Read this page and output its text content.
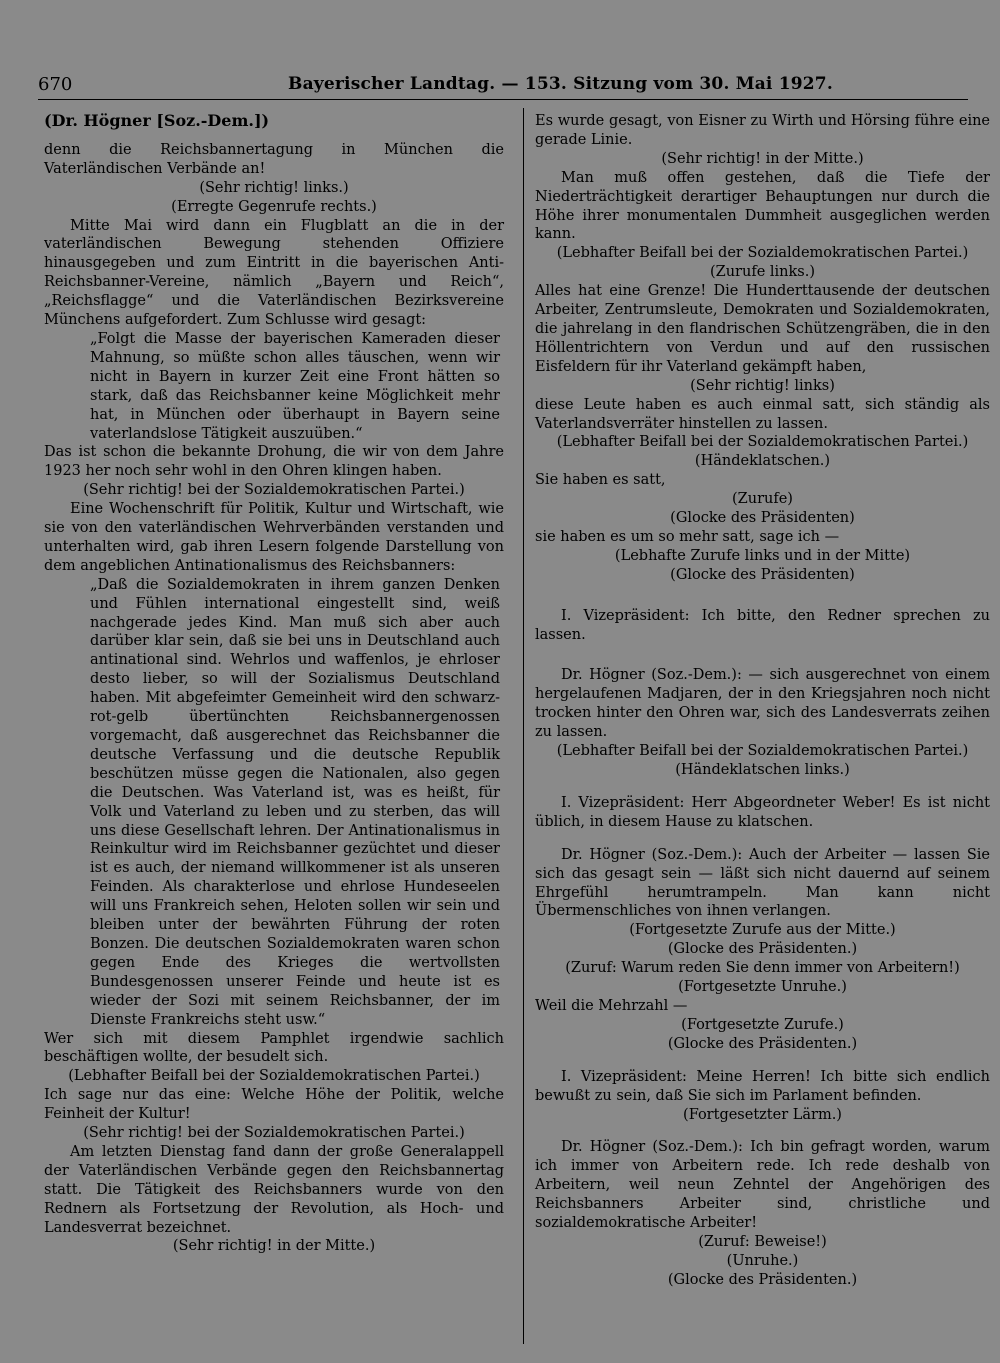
670	Bayerischer Landtag. — 153. Sitzung vom 30. Mai 1927.

(Dr. Högner [Soz.-Dem.])

denn die Reichsbannertagung in München die Vaterländischen Verbände an!

(Sehr richtig! links.)

(Erregte Gegenrufe rechts.)

Mitte Mai wird dann ein Flugblatt an die in der vaterländischen Bewegung stehenden Offiziere hinausgegeben und zum Eintritt in die bayerischen Anti-Reichsbanner-Vereine, nämlich „Bayern und Reich“, „Reichsflagge“ und die Vaterländischen Bezirksvereine Münchens aufgefordert. Zum Schlusse wird gesagt:

„Folgt die Masse der bayerischen Kameraden dieser Mahnung, so müßte schon alles täuschen, wenn wir nicht in Bayern in kurzer Zeit eine Front hätten so stark, daß das Reichsbanner keine Möglichkeit mehr hat, in München oder überhaupt in Bayern seine vaterlandslose Tätigkeit auszuüben.“

Das ist schon die bekannte Drohung, die wir von dem Jahre 1923 her noch sehr wohl in den Ohren klingen haben.

(Sehr richtig! bei der Sozialdemokratischen Partei.)

Eine Wochenschrift für Politik, Kultur und Wirtschaft, wie sie von den vaterländischen Wehrverbänden verstanden und unterhalten wird, gab ihren Lesern folgende Darstellung von dem angeblichen Antinationalismus des Reichsbanners:

„Daß die Sozialdemokraten in ihrem ganzen Denken und Fühlen international eingestellt sind, weiß nachgerade jedes Kind. Man muß sich aber auch darüber klar sein, daß sie bei uns in Deutschland auch antinational sind. Wehrlos und waffenlos, je ehrloser desto lieber, so will der Sozialismus Deutschland haben. Mit abgefeimter Gemeinheit wird den schwarz-rot-gelb übertünchten Reichsbannergenossen vorgemacht, daß ausgerechnet das Reichsbanner die deutsche Verfassung und die deutsche Republik beschützen müsse gegen die Nationalen, also gegen die Deutschen. Was Vaterland ist, was es heißt, für Volk und Vaterland zu leben und zu sterben, das will uns diese Gesellschaft lehren. Der Antinationalismus in Reinkultur wird im Reichsbanner gezüchtet und dieser ist es auch, der niemand willkommener ist als unseren Feinden. Als charakterlose und ehrlose Hundeseelen will uns Frankreich sehen, Heloten sollen wir sein und bleiben unter der bewährten Führung der roten Bonzen. Die deutschen Sozialdemokraten waren schon gegen Ende des Krieges die wertvollsten Bundesgenossen unserer Feinde und heute ist es wieder der Sozi mit seinem Reichsbanner, der im Dienste Frankreichs steht usw.“

Wer sich mit diesem Pamphlet irgendwie sachlich beschäftigen wollte, der besudelt sich.

(Lebhafter Beifall bei der Sozialdemokratischen Partei.)

Ich sage nur das eine: Welche Höhe der Politik, welche Feinheit der Kultur!

(Sehr richtig! bei der Sozialdemokratischen Partei.)

Am letzten Dienstag fand dann der große Generalappell der Vaterländischen Verbände gegen den Reichsbannertag statt. Die Tätigkeit des Reichsbanners wurde von den Rednern als Fortsetzung der Revolution, als Hoch- und Landesverrat bezeichnet.

(Sehr richtig! in der Mitte.)

Es wurde gesagt, von Eisner zu Wirth und Hörsing führe eine gerade Linie.

(Sehr richtig! in der Mitte.)

Man muß offen gestehen, daß die Tiefe der Niederträchtigkeit derartiger Behauptungen nur durch die Höhe ihrer monumentalen Dummheit ausgeglichen werden kann.

(Lebhafter Beifall bei der Sozialdemokratischen Partei.)

(Zurufe links.)

Alles hat eine Grenze! Die Hunderttausende der deutschen Arbeiter, Zentrumsleute, Demokraten und Sozialdemokraten, die jahrelang in den flandrischen Schützengräben, die in den Höllentrichtern von Verdun und auf den russischen Eisfeldern für ihr Vaterland gekämpft haben,

(Sehr richtig! links)

diese Leute haben es auch einmal satt, sich ständig als Vaterlandsverräter hinstellen zu lassen.

(Lebhafter Beifall bei der Sozialdemokratischen Partei.)

(Händeklatschen.)

Sie haben es satt,

(Zurufe)

(Glocke des Präsidenten)

sie haben es um so mehr satt, sage ich —

(Lebhafte Zurufe links und in der Mitte)

(Glocke des Präsidenten)

I. Vizepräsident: Ich bitte, den Redner sprechen zu lassen.

Dr. Högner (Soz.-Dem.): — sich ausgerechnet von einem hergelaufenen Madjaren, der in den Kriegsjahren noch nicht trocken hinter den Ohren war, sich des Landesverrats zeihen zu lassen.

(Lebhafter Beifall bei der Sozialdemokratischen Partei.)

(Händeklatschen links.)

I. Vizepräsident: Herr Abgeordneter Weber! Es ist nicht üblich, in diesem Hause zu klatschen.

Dr. Högner (Soz.-Dem.): Auch der Arbeiter — lassen Sie sich das gesagt sein — läßt sich nicht dauernd auf seinem Ehrgefühl herumtrampeln. Man kann nicht Übermenschliches von ihnen verlangen.

(Fortgesetzte Zurufe aus der Mitte.)

(Glocke des Präsidenten.)

(Zuruf: Warum reden Sie denn immer von Arbeitern!)

(Fortgesetzte Unruhe.)

Weil die Mehrzahl —

(Fortgesetzte Zurufe.)

(Glocke des Präsidenten.)

I. Vizepräsident: Meine Herren! Ich bitte sich endlich bewußt zu sein, daß Sie sich im Parlament befinden.

(Fortgesetzter Lärm.)

Dr. Högner (Soz.-Dem.): Ich bin gefragt worden, warum ich immer von Arbeitern rede. Ich rede deshalb von Arbeitern, weil neun Zehntel der Angehörigen des Reichsbanners Arbeiter sind, christliche und sozialdemokratische Arbeiter!

(Zuruf: Beweise!)

(Unruhe.)

(Glocke des Präsidenten.)
